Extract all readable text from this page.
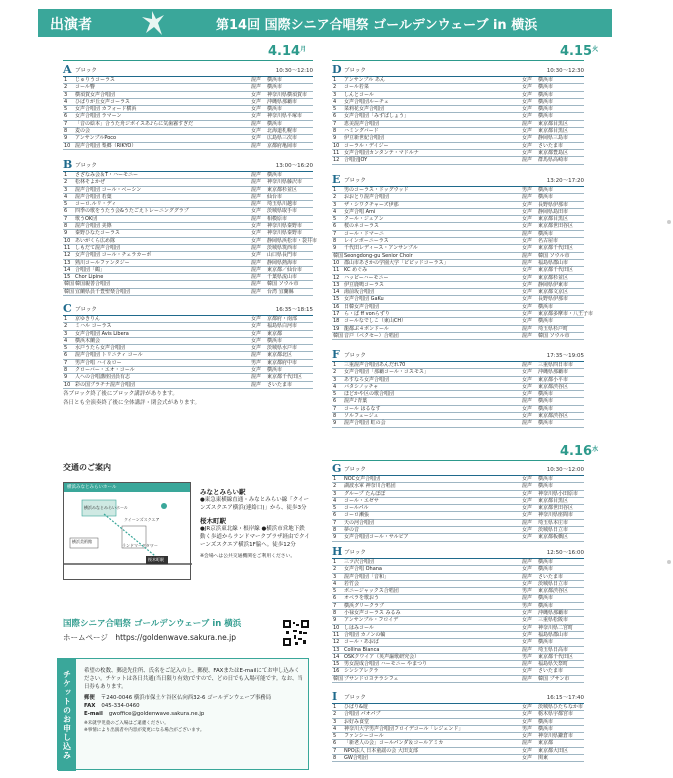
出演者	第14回 国際シニア合唱祭 ゴールデンウェーブ in 横浜
$4.14^月$	$4.15^火$
$4.16^水$
A ブロック	10:30～12:10
1	じゅりうコーラス	混声	横浜市
2	コール響	混声	横浜市
3	横須賀女声合唱団	女声	神奈川県横須賀市
4	ひばりが丘女声コーラス	女声	沖縄県那覇市
5	女声合唱団 カフォード横浜	女声	横浜市
6	女声合唱団 ラマーン	女声	神奈川県平塚市
7	「音の絵本」合うた舟ジボイスあ♪らに気歯霧すぎだ	混声	横浜市
8	麦の会	女声	北海道札幌市
9	アンサンブルPoco	女声	広島県三次市
10 混声合唱団 梨郷（RIKYO）	混声	京都府亀岡市
B ブロック	13:00～16:20
1	さざなみ会＆T・ハーモニー	混声	横浜市
2	松林そよかぜ	混声	神奈川県藤沢市
3	混声合唱団 コール・ベーシン	混声	東京都杉並区
4	混声合唱団 若葉	混声	仙台市
5	コーロ.ルリ・ディ	混声	埼玉県川越市
6	四季の歌をうたう会&うたごえトレーニンググラブ	女声	茨城県取手市
7	歌うOK団	混声	相模原市
8	混声合唱団 美篠	女声	神奈川県秦野市
9	秦野ひなたコーラス	女声	神奈川県秦野市
10 あいがくら広め隊	女声	静岡県浜松市・袋井市
11 しもだて混声合唱団	混声	茨城県筑西市
12 女声合唱団 コール・チェラカーポ	女声	山口県長門市
13 熟川コールファンタジー	混声	静岡県熱海市
14 合唱団「鶴」	混声	東京都／仙台市
15 Chor Lipine	混声	千葉県流山市
韓国 韓国親善合唱団	混声	韓国 ソウル市
韓国 宜蘭県員千豊聖楽合唱団	混声	台湾 宜蘭縣
C ブロック	16:35～18:15
1	京ゆきりん	女声	京都府・南部
2	ミハル コーラス	女声	福島県白河市
3	女声合唱団 Avis Libera	女声	東京都
4	横浜木蘭会	女声	横浜市
5	水戸うたら女声合唱団	女声	茨城県水戸市
6	混声合唱団 トリニティ コール	混声	東京都北区
7	男声合唱 ハイ＆ロー	男声	東京都府中市
8	クローバー・エオ・コール	女声	横浜市
9	人への合唱講座団員有志	混声	東京都千代田区
10 彩の国プラチナ混声合唱団	混声	さいたま市
D ブロック	10:30～12:30
1	アンサンブル あん	女声	横浜市
2	コール若菜	女声	横浜市
3	しんとコール	女声	横浜市
4	女声合唱団ルーチェ	女声	横浜市
5	菜莉花女声合唱団	女声	横浜市
6	女声合唱団「みずばしょう」	女声	横浜市
7	恵美混声合唱団	混声	東京都目黒区
8	ハミングバード	女声	東京都目黒区
9	伊豆新世紀合唱団	女声	静岡県三島市
10 コーラル・デイジー	女声	さいたま市
11 女声合唱団カンタンテ・マドルナ	女声	東京都豊島区
12 合唱団JOY	混声	群馬県高崎市
E ブロック	13:20～17:20
1	男のコーラス・ドッグウッド	男声	横浜市
2	おおとり混声合唱団	混声	横浜市
3	ザ・シワクチャーズ伊那	女声	長野県伊那市
4	女声合唱 Ami	女声	静岡県島田市
5	クール・ジュアン	女声	東京都目黒区
6	桜のネコーラス	女声	東京都世田谷区
7	コール・ドマーニ	混声	横浜市
8	レインボーニーラス	女声	名古屋市
9	千代田レディース・アンサンブル	女声	東京都千代田区
韓国 Seongdong-gu Senior Choir	混声	韓国 ソウル市
10 郡山市あさかの学園大学「ビビッドコーラス」	混声	福島県郡山市
11 KC めぐみ	女声	東京都千代田区
12 ハッピーハーモニー	女声	東京都杉並区
13 伊豆鹿鳴コーラス	女声	静岡県伊東市
14 湯前坂合唱団	女声	東京都文京区
15 女声合唱団 GaKu	女声	長野県伊那市
16 日韓女声合唱団	女声	横浜市
17 ら・ぱ ff vonらずり	女声	東京都多摩市・八王子市
18 コールなでしこ（東山CH）	女声	横浜市
19 龍都ぶ４ボンドール	混声	埼玉県杉戸町
韓国 音戸（ペクセー）合唱団	混声	韓国 ソウル市
F ブロック	17:35～19:05
1	三重混声合唱団あんだれ70	混声	三重県四日市市
2	女声合唱団「那覇コール・コスモス」	女声	沖縄県那覇市
3	あすなろ女声合唱団	女声	東京都小平市
4	バタシノッチャ	女声	東京都渋谷区
5	ほどかや区の歌合唱団	女声	横浜市
6	混声♪青葉	混声	横浜市
7	コール はるなす	女声	横浜市
8	ソルフェージュ	女声	東京都渋谷区
9	混声合唱団 虹の会	混声	横浜市
G ブロック	10:30～12:00
1	NOC女声合唱団	女声	横浜市
2	湖波水軍 神奈川合唱団	混声	横浜市
3	グループ たんぽぽ	女声	神奈川県小田原市
4	コール・エゼサ	女声	東京都目黒区
5	コールパル	女声	東京都世田谷区
6	コーロ瀬張	女声	神奈川県座間市
7	天の河合唱団	混声	埼玉県本庄市
8	夢の音	女声	茨城県日立市
9	女声合唱団コール・サルビア	女声	東京都板橋区
H ブロック	12:50～16:00
1	三ツ沢合唱団	混声	横浜市
2	女声合唱 Ohana	女声	横浜市
3	混声合唱団「音和」	混声	さいたま市
4	若竹会	女声	茨城県日立市
5	ボニージャックス合唱団	男声	東京都渋谷区
6	オペラを歌おう	混声	横浜市
7	横浜グリークラブ	男声	横浜市
8	小禄女声コーラス みるみ	女声	沖縄県那覇市
9	アンサンブル・フロイデ	女声	三重県松阪市
10 しはみコール	女声	神奈川県二宮町
11 合唱団 カノンの輪	女声	福島県郡山市
12 コール・あおば	女声	横浜市
13 Collina Bianca	混声	埼玉県日高市
14 OSKクワイア（英声謳歌研究会）	男声	東京都千代田区
15 男女混成合唱団 ハーモニー やまつり	混声	福島県矢祭町
16 シンシアレクラ	女声	さいたま市
韓国 プサンドロヨテラシフェ	混声	韓国 プサン市
I ブロック	16:15～17:40
1	ひばり&遊	女声	茨城県ひたちなか市
2	合唱団 パオパブ	女声	栃木県宇都宮市
3	お好み食堂	女声	横浜市
4	神奈川大学男声合唱団フロイデコール「レジェンド」	男声	横浜市
5	ファンシーコール	女声	神奈川県鎌倉市
6	「新老人の会」コールパンダ＆コールアミカ	混声	東京都
7	NPO法人 日本童謡の会 大田支部	女声	東京都大田区
8	GW合唱団	女声	関東
各ブロック終了後にブロック講評があります。
各日とも全演奏終了後に全体講評・閉会式があります。
交通のご案内
横浜みなとみらいホール
横浜みなとみらいホール
桜木町駅
クイーンズスクエア
横浜美術館
ランドマークタワー
みなとみらい駅
●東急東横線直通・みなとみらい線「クイーンズスクエア横浜(連絡口)」から、徒歩3分
桜木町駅
●JR京浜東北線・根岸線 ●横浜市営地下鉄 動く歩道からランドマークプラザ経由でクイーンズスクエア横浜1F脇へ。徒歩12分
※会場へは公共交通機関をご利用ください。
国際シニア合唱祭 ゴールデンウェーブ in 横浜
ホームページ　https://goldenwave.sakura.ne.jp
チケットのお申し込み	希望の枚数、郵送先住所、氏名をご記入の上、郵便、FAXまたはE-mailにてお申し込みください。チケットは各日共通(当日限り有効)ですので、どの日でも入場可能です。なお、当日券もあります。
郵便 〒240-0046 横浜市保土ケ谷区仏向西32-6 ゴールデンウェーブ事務局
FAX 045-334-0460
E-mail gwoffice@goldenwave.sakura.ne.jp
※未就学児童のご入場はご遠慮ください。
※事情により出演者や内容が変更になる場合がございます。
